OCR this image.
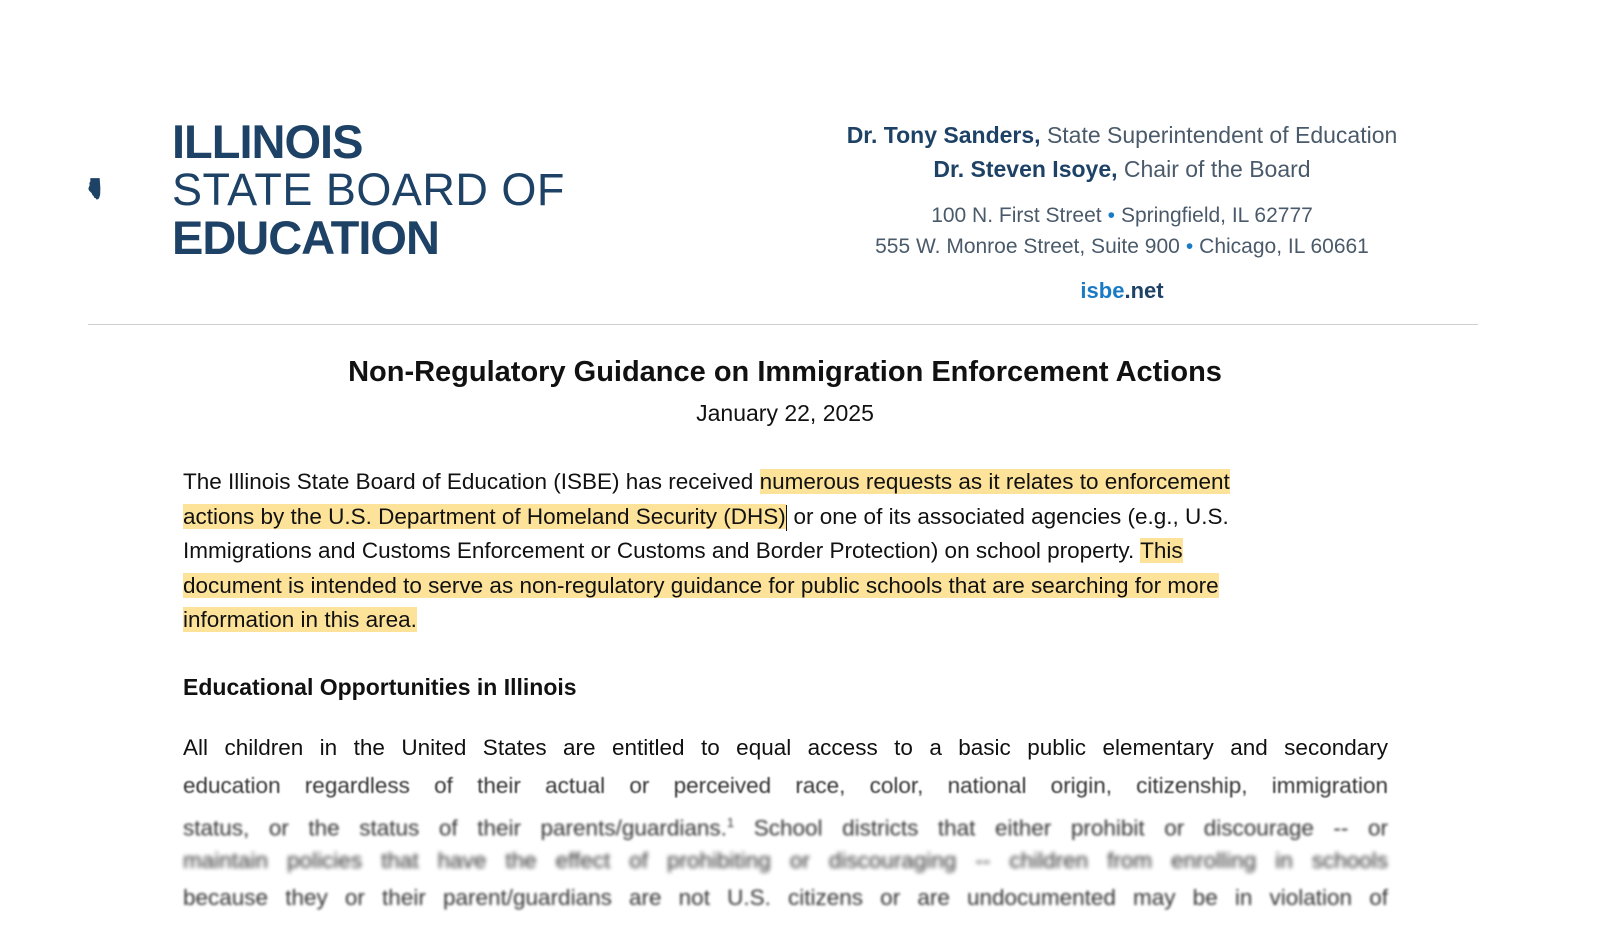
ILLINOIS
STATE BOARD OF
EDUCATION
Dr. Tony Sanders, State Superintendent of Education
Dr. Steven Isoye, Chair of the Board
100 N. First Street • Springfield, IL 62777
555 W. Monroe Street, Suite 900 • Chicago, IL 60661
isbe.net
Non-Regulatory Guidance on Immigration Enforcement Actions
January 22, 2025
The Illinois State Board of Education (ISBE) has received numerous requests as it relates to enforcement
actions by the U.S. Department of Homeland Security (DHS) or one of its associated agencies (e.g., U.S.
Immigrations and Customs Enforcement or Customs and Border Protection) on school property. This
document is intended to serve as non-regulatory guidance for public schools that are searching for more
information in this area.
Educational Opportunities in Illinois
All children in the United States are entitled to equal access to a basic public elementary and secondary
education regardless of their actual or perceived race, color, national origin, citizenship, immigration
status, or the status of their parents/guardians.$^1$ School districts that either prohibit or discourage -- or
maintain policies that have the effect of prohibiting or discouraging -- children from enrolling in schools
because they or their parent/guardians are not U.S. citizens or are undocumented may be in violation of
